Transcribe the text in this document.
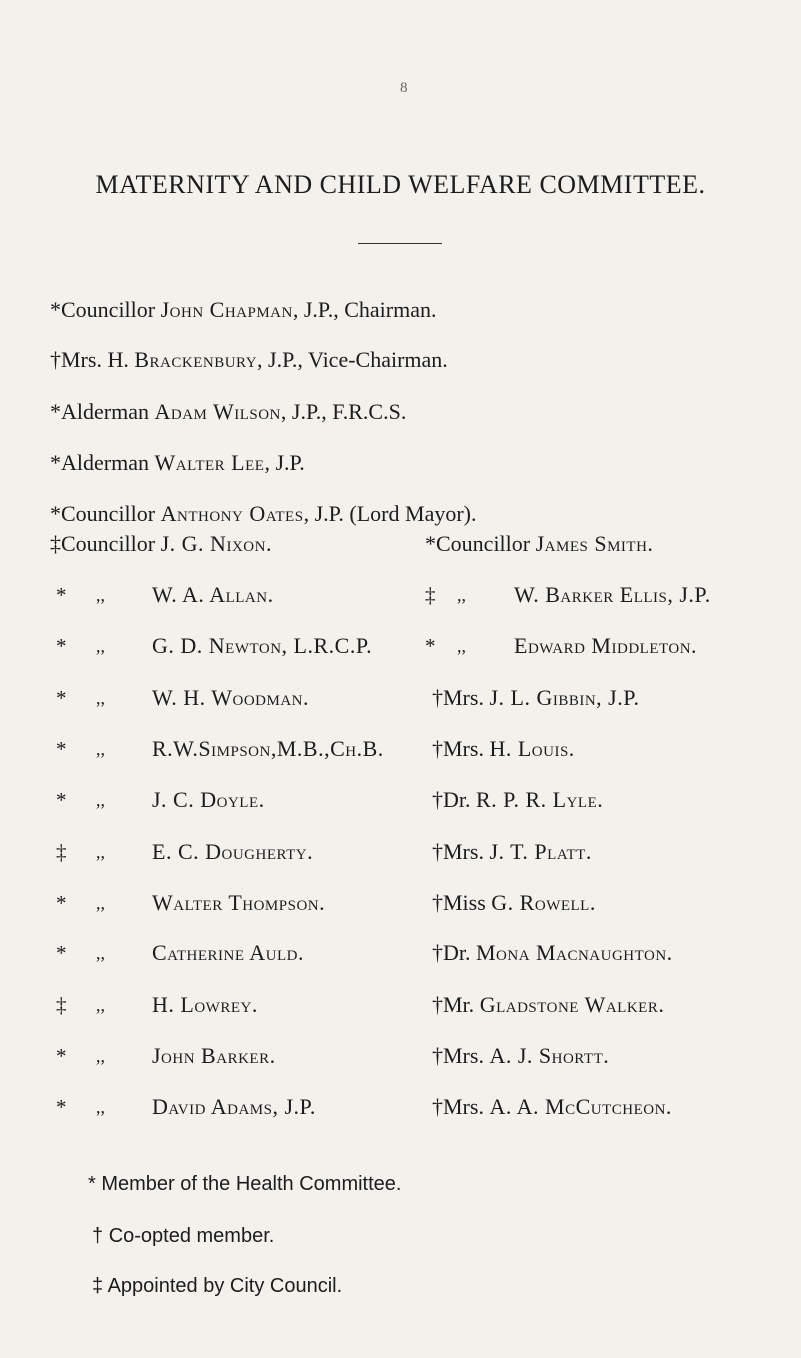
8
MATERNITY AND CHILD WELFARE COMMITTEE.
*Councillor John Chapman, J.P., Chairman.
†Mrs. H. Brackenbury, J.P., Vice-Chairman.
*Alderman Adam Wilson, J.P., F.R.C.S.
*Alderman Walter Lee, J.P.
*Councillor Anthony Oates, J.P. (Lord Mayor).
‡Councillor J. G. Nixon.
* ,, W. A. Allan.
* ,, G. D. Newton, L.R.C.P.
* ,, W. H. Woodman.
* ,, R.W.Simpson,M.B.,Ch.B.
* ,, J. C. Doyle.
‡ ,, E. C. Dougherty.
* ,, Walter Thompson.
* ,, Catherine Auld.
‡ ,, H. Lowrey.
* ,, John Barker.
* ,, David Adams, J.P.
*Councillor James Smith.
‡ ,, W. Barker Ellis, J.P.
* ,, Edward Middleton.
†Mrs. J. L. Gibbin, J.P.
†Mrs. H. Louis.
†Dr. R. P. R. Lyle.
†Mrs. J. T. Platt.
†Miss G. Rowell.
†Dr. Mona Macnaughton.
†Mr. Gladstone Walker.
†Mrs. A. J. Shortt.
†Mrs. A. A. McCutcheon.
* Member of the Health Committee.
† Co-opted member.
‡ Appointed by City Council.
